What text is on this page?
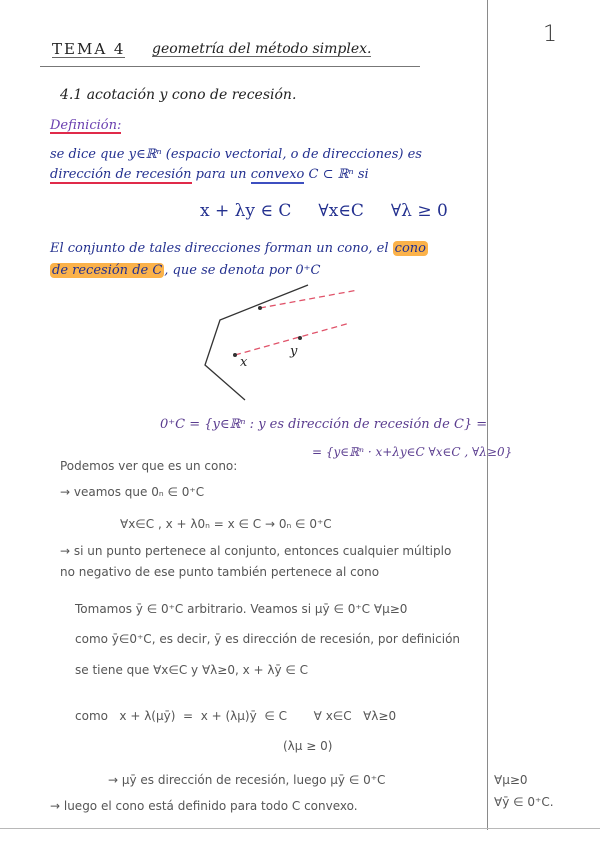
1
TEMA 4 geometría del método simplex.
4.1 acotación y cono de recesión.
Definición:
se dice que y∈ℝⁿ (espacio vectorial, o de direcciones) es
dirección de recesión para un convexo C ⊂ ℝⁿ si
x + λy ∈ C     ∀x∈C     ∀λ ≥ 0
El conjunto de tales direcciones forman un cono, el cono
de recesión de C , que se denota por 0⁺C
x
y
0⁺C = {y∈ℝⁿ : y es dirección de recesión de C} =
= {y∈ℝⁿ · x+λy∈C ∀x∈C , ∀λ≥0}
Podemos ver que es un cono:
→ veamos que 0ₙ ∈ 0⁺C
∀x∈C , x + λ0ₙ = x ∈ C → 0ₙ ∈ 0⁺C
→ si un punto pertenece al conjunto, entonces cualquier múltiplo
no negativo de ese punto también pertenece al cono
Tomamos ȳ ∈ 0⁺C arbitrario. Veamos si μȳ ∈ 0⁺C ∀μ≥0
como ȳ∈0⁺C, es decir, ȳ es dirección de recesión, por definición
se tiene que ∀x∈C y ∀λ≥0, x + λȳ ∈ C
como   x + λ(μȳ)  =  x + (λμ)ȳ  ∈ C       ∀ x∈C   ∀λ≥0
(λμ ≥ 0)
→ μȳ es dirección de recesión, luego μȳ ∈ 0⁺C	∀μ≥0
→ luego el cono está definido para todo C convexo.	∀ȳ ∈ 0⁺C.
